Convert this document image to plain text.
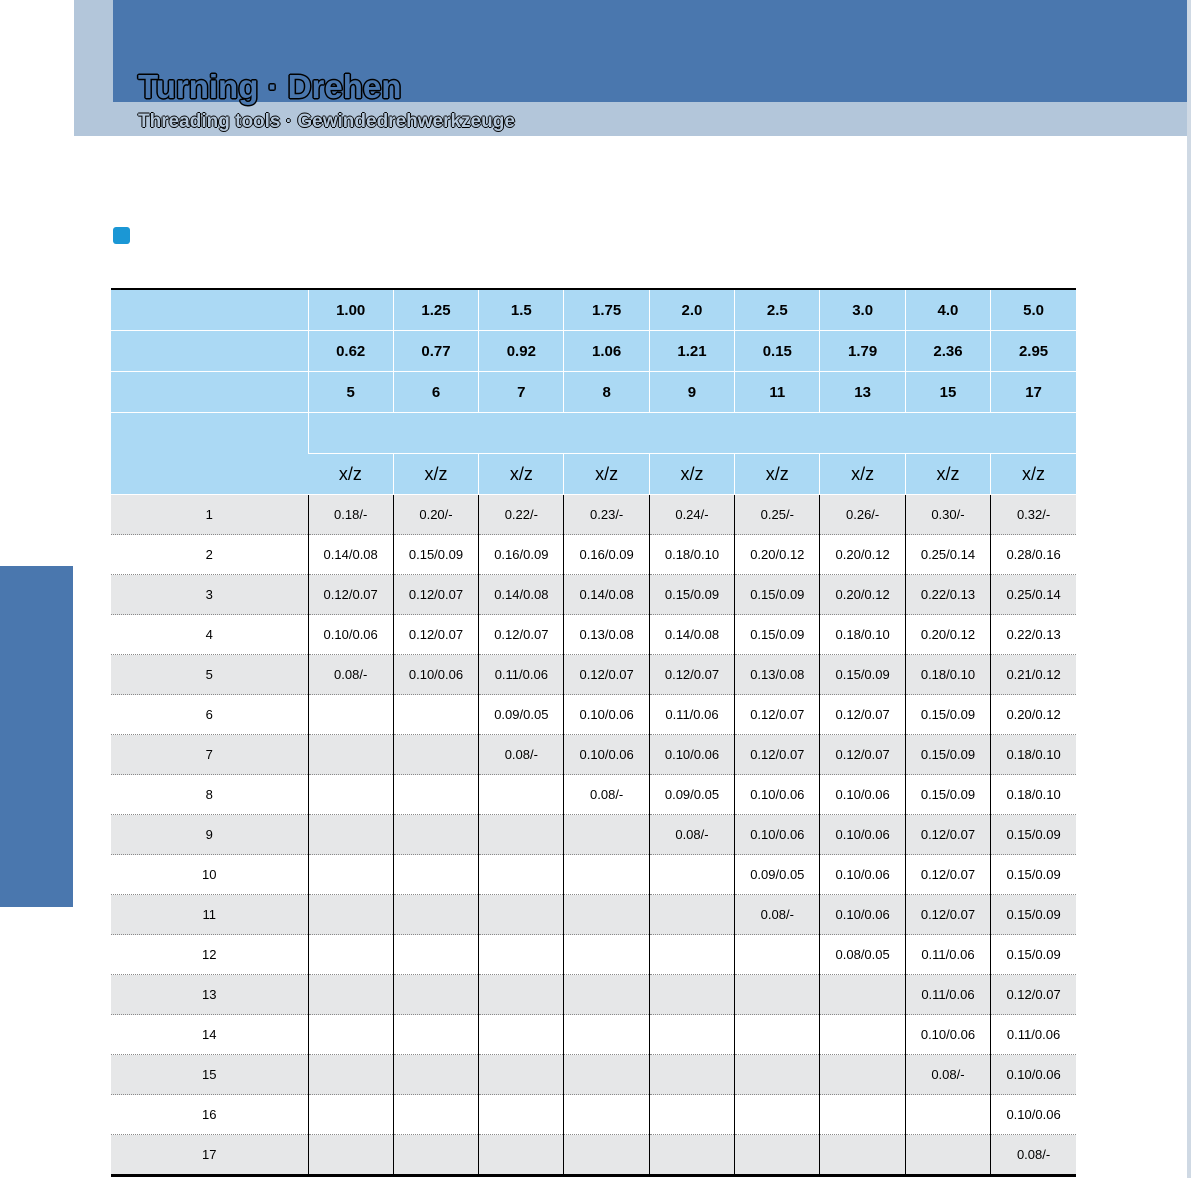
Turning · Drehen
Threading tools · Gewindedrehwerkzeuge
	1.00	1.25	1.5	1.75	2.0	2.5	3.0	4.0	5.0
	0.62	0.77	0.92	1.06	1.21	0.15	1.79	2.36	2.95
	5	6	7	8	9	11	13	15	17

	x/z	x/z	x/z	x/z	x/z	x/z	x/z	x/z	x/z
1	0.18/-	0.20/-	0.22/-	0.23/-	0.24/-	0.25/-	0.26/-	0.30/-	0.32/-
2	0.14/0.08	0.15/0.09	0.16/0.09	0.16/0.09	0.18/0.10	0.20/0.12	0.20/0.12	0.25/0.14	0.28/0.16
3	0.12/0.07	0.12/0.07	0.14/0.08	0.14/0.08	0.15/0.09	0.15/0.09	0.20/0.12	0.22/0.13	0.25/0.14
4	0.10/0.06	0.12/0.07	0.12/0.07	0.13/0.08	0.14/0.08	0.15/0.09	0.18/0.10	0.20/0.12	0.22/0.13
5	0.08/-	0.10/0.06	0.11/0.06	0.12/0.07	0.12/0.07	0.13/0.08	0.15/0.09	0.18/0.10	0.21/0.12
6			0.09/0.05	0.10/0.06	0.11/0.06	0.12/0.07	0.12/0.07	0.15/0.09	0.20/0.12
7			0.08/-	0.10/0.06	0.10/0.06	0.12/0.07	0.12/0.07	0.15/0.09	0.18/0.10
8				0.08/-	0.09/0.05	0.10/0.06	0.10/0.06	0.15/0.09	0.18/0.10
9					0.08/-	0.10/0.06	0.10/0.06	0.12/0.07	0.15/0.09
10						0.09/0.05	0.10/0.06	0.12/0.07	0.15/0.09
11						0.08/-	0.10/0.06	0.12/0.07	0.15/0.09
12							0.08/0.05	0.11/0.06	0.15/0.09
13								0.11/0.06	0.12/0.07
14								0.10/0.06	0.11/0.06
15								0.08/-	0.10/0.06
16									0.10/0.06
17									0.08/-
